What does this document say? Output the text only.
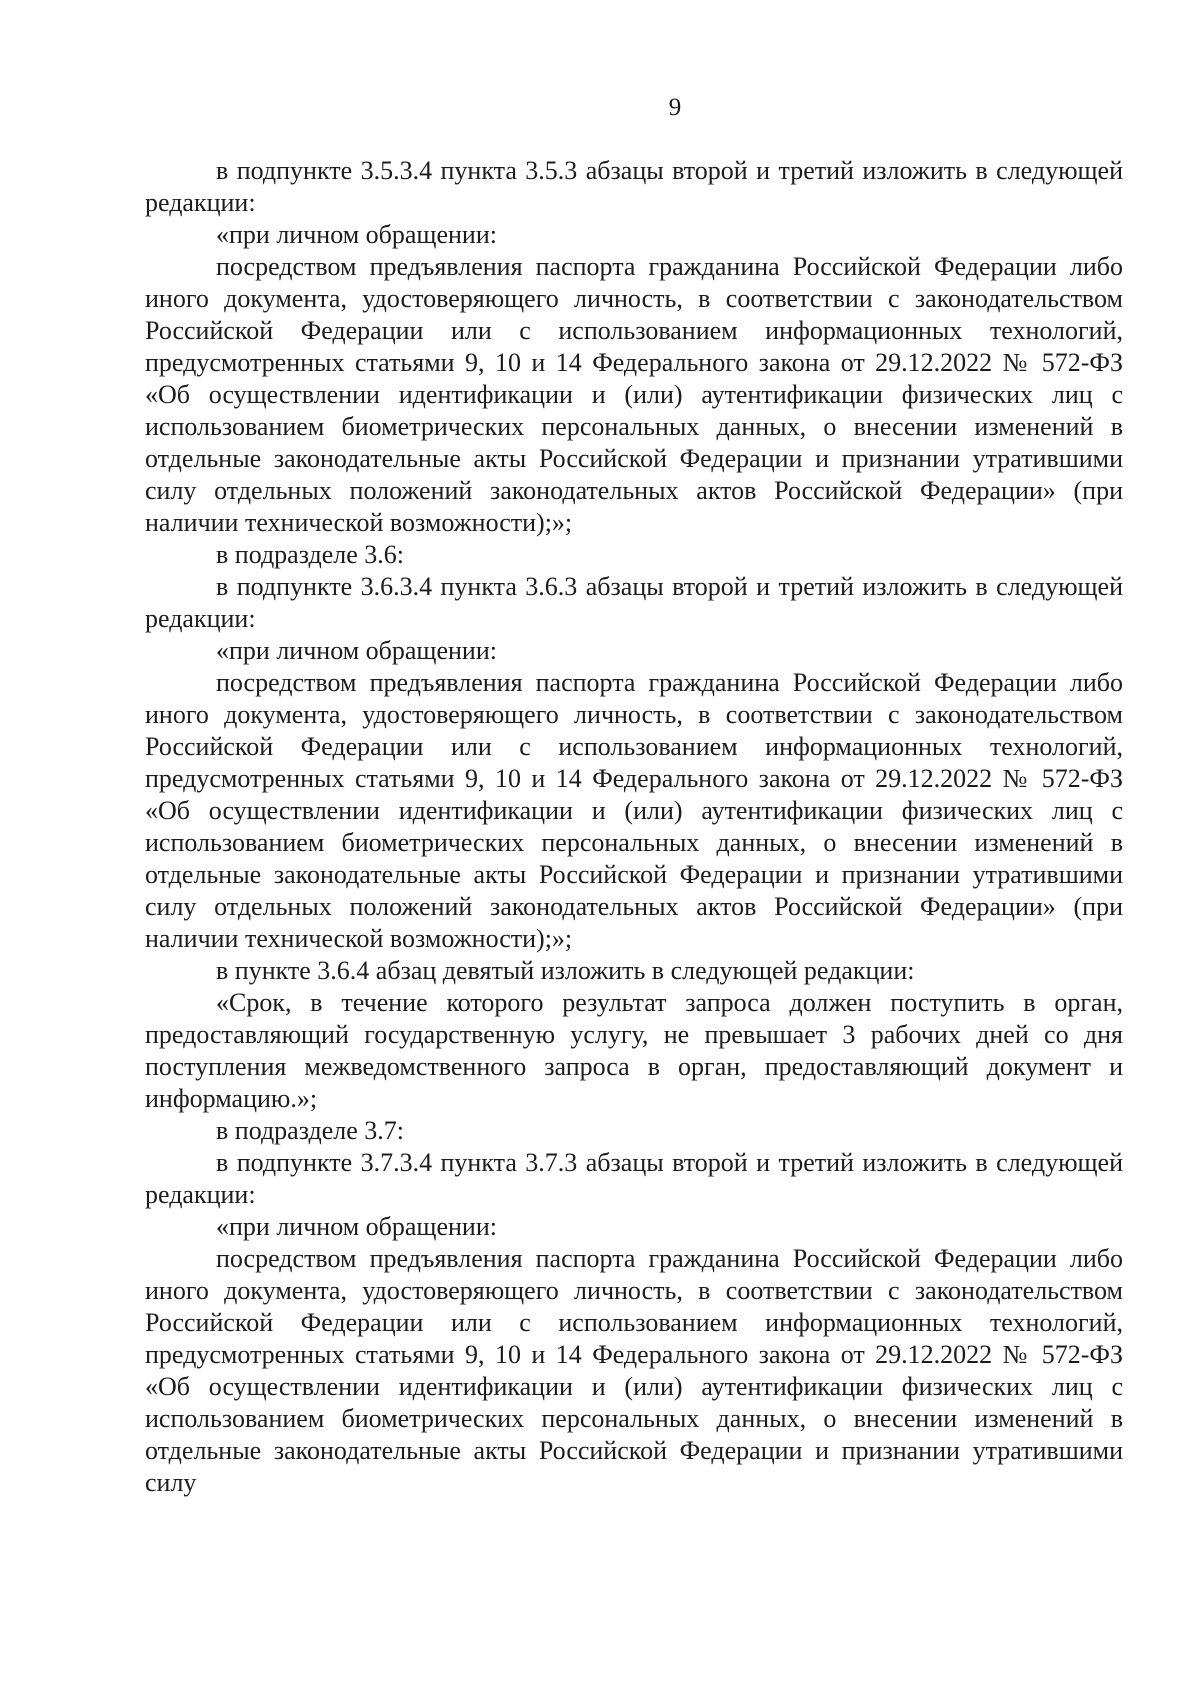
9

в подпункте 3.5.3.4 пункта 3.5.3 абзацы второй и третий изложить в следующей редакции:

«при личном обращении:

посредством предъявления паспорта гражданина Российской Федерации либо иного документа, удостоверяющего личность, в соответствии с законодательством Российской Федерации или с использованием информационных технологий, предусмотренных статьями 9, 10 и 14 Федерального закона от 29.12.2022 № 572-ФЗ «Об осуществлении идентификации и (или) аутентификации физических лиц с использованием биометрических персональных данных, о внесении изменений в отдельные законодательные акты Российской Федерации и признании утратившими силу отдельных положений законодательных актов Российской Федерации» (при наличии технической возможности);»;

в подразделе 3.6:

в подпункте 3.6.3.4 пункта 3.6.3 абзацы второй и третий изложить в следующей редакции:

«при личном обращении:

посредством предъявления паспорта гражданина Российской Федерации либо иного документа, удостоверяющего личность, в соответствии с законодательством Российской Федерации или с использованием информационных технологий, предусмотренных статьями 9, 10 и 14 Федерального закона от 29.12.2022 № 572-ФЗ «Об осуществлении идентификации и (или) аутентификации физических лиц с использованием биометрических персональных данных, о внесении изменений в отдельные законодательные акты Российской Федерации и признании утратившими силу отдельных положений законодательных актов Российской Федерации» (при наличии технической возможности);»;

в пункте 3.6.4 абзац девятый изложить в следующей редакции:

«Срок, в течение которого результат запроса должен поступить в орган, предоставляющий государственную услугу, не превышает 3 рабочих дней со дня поступления межведомственного запроса в орган, предоставляющий документ и информацию.»;

в подразделе 3.7:

в подпункте 3.7.3.4 пункта 3.7.3 абзацы второй и третий изложить в следующей редакции:

«при личном обращении:

посредством предъявления паспорта гражданина Российской Федерации либо иного документа, удостоверяющего личность, в соответствии с законодательством Российской Федерации или с использованием информационных технологий, предусмотренных статьями 9, 10 и 14 Федерального закона от 29.12.2022 № 572-ФЗ «Об осуществлении идентификации и (или) аутентификации физических лиц с использованием биометрических персональных данных, о внесении изменений в отдельные законодательные акты Российской Федерации и признании утратившими силу
